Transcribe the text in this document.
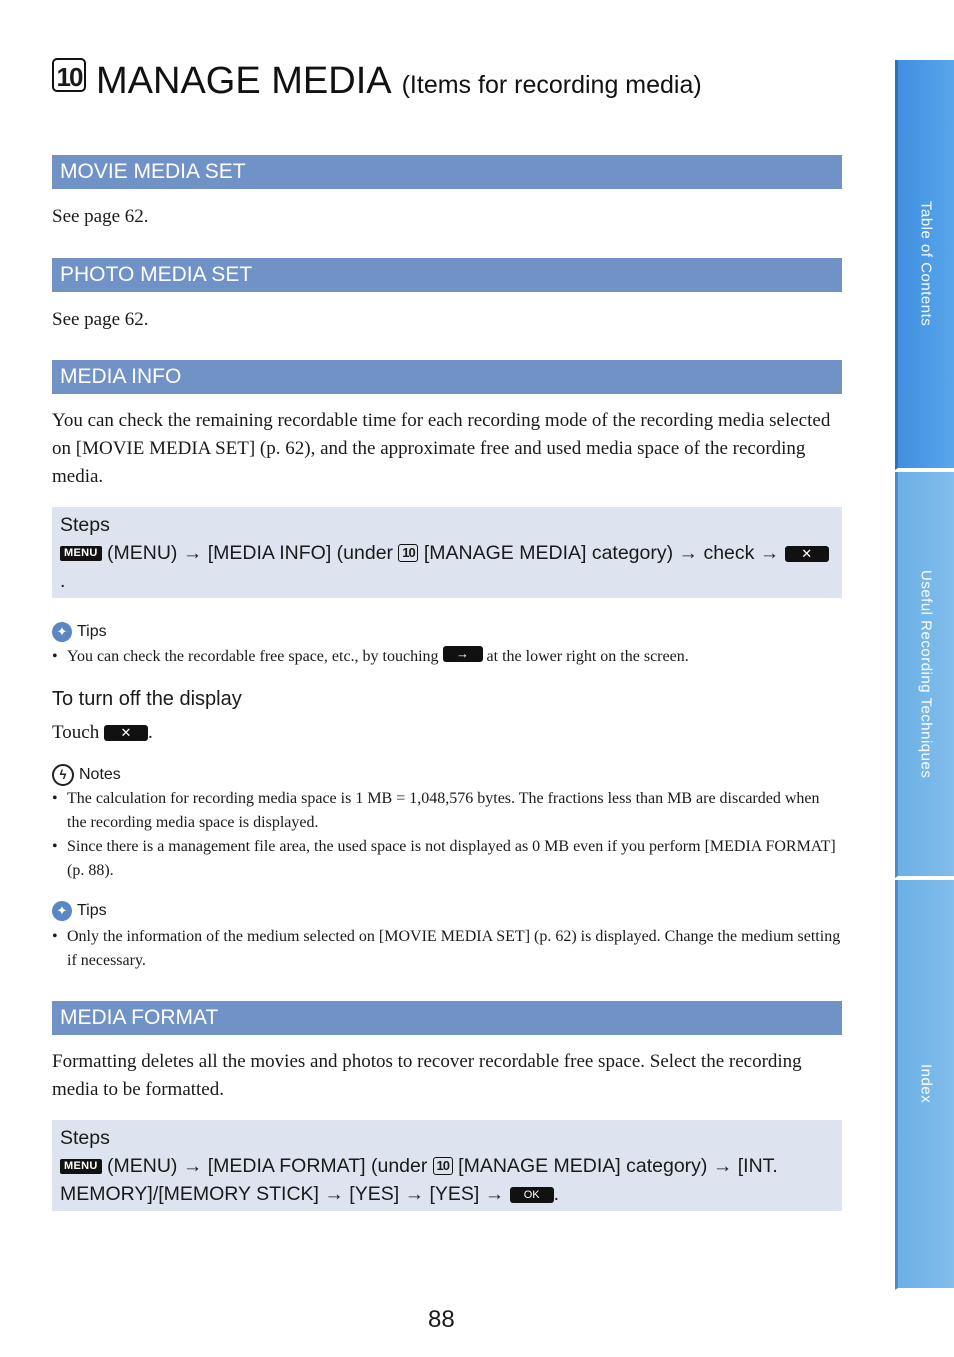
10 MANAGE MEDIA (Items for recording media)
MOVIE MEDIA SET
See page 62.
PHOTO MEDIA SET
See page 62.
MEDIA INFO
You can check the remaining recordable time for each recording mode of the recording media selected on [MOVIE MEDIA SET] (p. 62), and the approximate free and used media space of the recording media.
Steps
MENU (MENU) → [MEDIA INFO] (under 10 [MANAGE MEDIA] category) → check → ✕.
✦ Tips
• You can check the recordable free space, etc., by touching → at the lower right on the screen.
To turn off the display
Touch ✕ .
ϟ Notes
• The calculation for recording media space is 1 MB = 1,048,576 bytes. The fractions less than MB are discarded when the recording media space is displayed.
• Since there is a management file area, the used space is not displayed as 0 MB even if you perform [MEDIA FORMAT] (p. 88).
✦ Tips
• Only the information of the medium selected on [MOVIE MEDIA SET] (p. 62) is displayed. Change the medium setting if necessary.
MEDIA FORMAT
Formatting deletes all the movies and photos to recover recordable free space. Select the recording media to be formatted.
Steps
MENU (MENU) → [MEDIA FORMAT] (under 10 [MANAGE MEDIA] category) → [INT. MEMORY]/[MEMORY STICK] → [YES] → [YES] → OK .
Table of Contents
Useful Recording Techniques
Index
88
